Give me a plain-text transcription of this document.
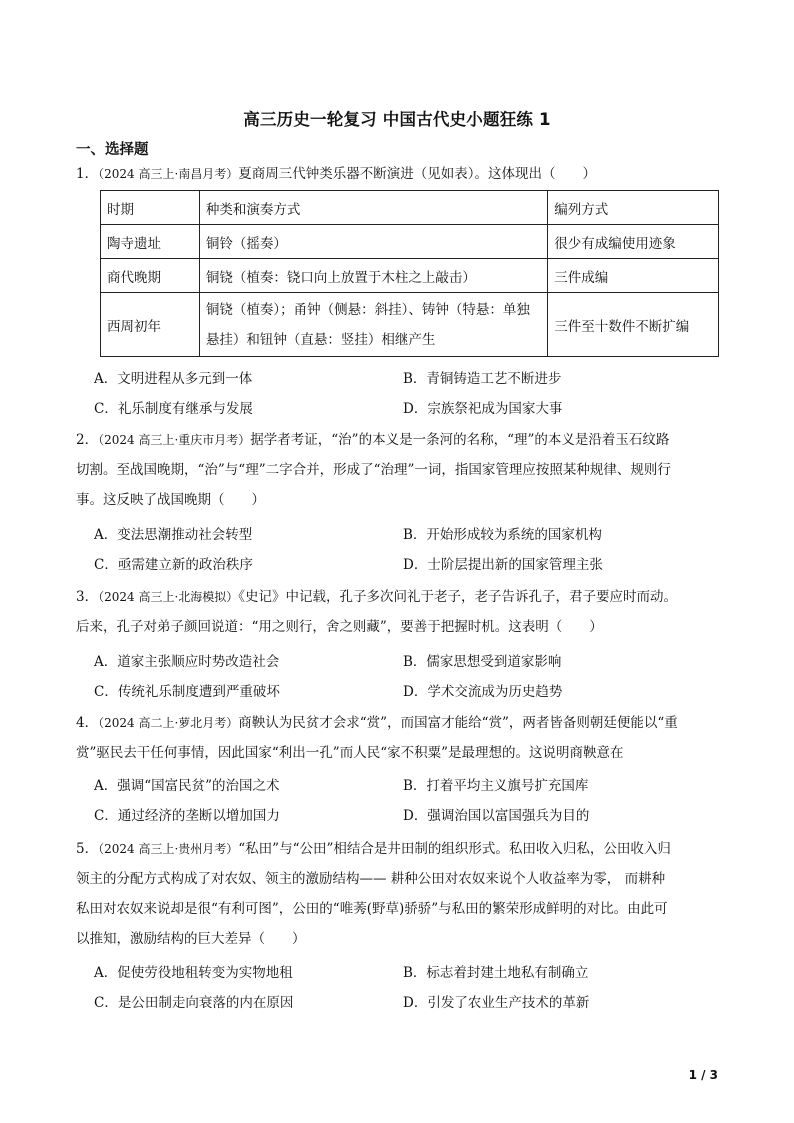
高三历史一轮复习 中国古代史小题狂练 1
一、选择题
1．（2024 高三上·南昌月考）夏商周三代钟类乐器不断演进（见如表）。这体现出（　　）
时期	种类和演奏方式	编列方式
陶寺遗址	铜铃（摇奏）	很少有成编使用迹象
商代晚期	铜铙（植奏：铙口向上放置于木柱之上敲击）	三件成编
西周初年	铜铙（植奏）；甬钟（侧悬：斜挂）、铸钟（特悬：单独悬挂）和钮钟（直悬：竖挂）相继产生	三件至十数件不断扩编
A．文明进程从多元到一体	B．青铜铸造工艺不断进步
C．礼乐制度有继承与发展	D．宗族祭祀成为国家大事
2．（2024 高三上·重庆市月考）据学者考证，“治”的本义是一条河的名称，“理”的本义是沿着玉石纹路
切割。至战国晚期，“治”与“理”二字合并，形成了“治理”一词，指国家管理应按照某种规律、规则行
事。这反映了战国晚期（　　）
A．变法思潮推动社会转型	B．开始形成较为系统的国家机构
C．亟需建立新的政治秩序	D．士阶层提出新的国家管理主张
3．（2024 高三上·北海模拟）《史记》中记载，孔子多次问礼于老子，老子告诉孔子，君子要应时而动。
后来，孔子对弟子颜回说道：“用之则行，舍之则藏”，要善于把握时机。这表明（　　）
A．道家主张顺应时势改造社会	B．儒家思想受到道家影响
C．传统礼乐制度遭到严重破坏	D．学术交流成为历史趋势
4．（2024 高二上·萝北月考）商鞅认为民贫才会求“赏”，而国富才能给“赏”，两者皆备则朝廷便能以“重
赏”驱民去干任何事情，因此国家“利出一孔”而人民“家不积粟”是最理想的。这说明商鞅意在
A．强调“国富民贫”的治国之术	B．打着平均主义旗号扩充国库
C．通过经济的垄断以增加国力	D．强调治国以富国强兵为目的
5．（2024 高三上·贵州月考）“私田”与“公田”相结合是井田制的组织形式。私田收入归私，公田收入归
领主的分配方式构成了对农奴、领主的激励结构—— 耕种公田对农奴来说个人收益率为零， 而耕种
私田对农奴来说却是很“有利可图”，公田的“唯莠(野草)骄骄”与私田的繁荣形成鲜明的对比。由此可
以推知，激励结构的巨大差异（　　）
A．促使劳役地租转变为实物地租	B．标志着封建土地私有制确立
C．是公田制走向衰落的内在原因	D．引发了农业生产技术的革新
1 / 3
